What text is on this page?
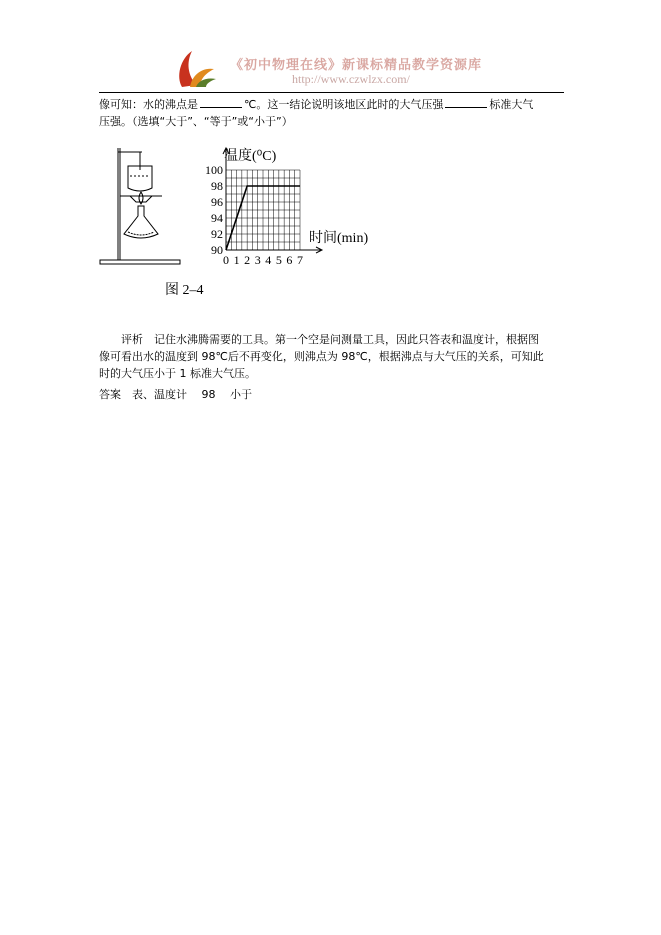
《初中物理在线》新课标精品教学资源库
http://www.czwlzx.com/
像可知：水的沸点是	℃。这一结论说明该地区此时的大气压强	标准大气
压强。（选填“大于”、“等于”或“小于”）
90
92
94
96
98
100
0 1 2 3 4 5 6 7
温度(⁰C)
时间(min)
图 2–4
评析　记住水沸腾需要的工具。第一个空是问测量工具，因此只答表和温度计，根据图
像可看出水的温度到 98℃后不再变化，则沸点为 98℃，根据沸点与大气压的关系，可知此
时的大气压小于 1 标准大气压。
答案　表、温度计　 98　 小于
